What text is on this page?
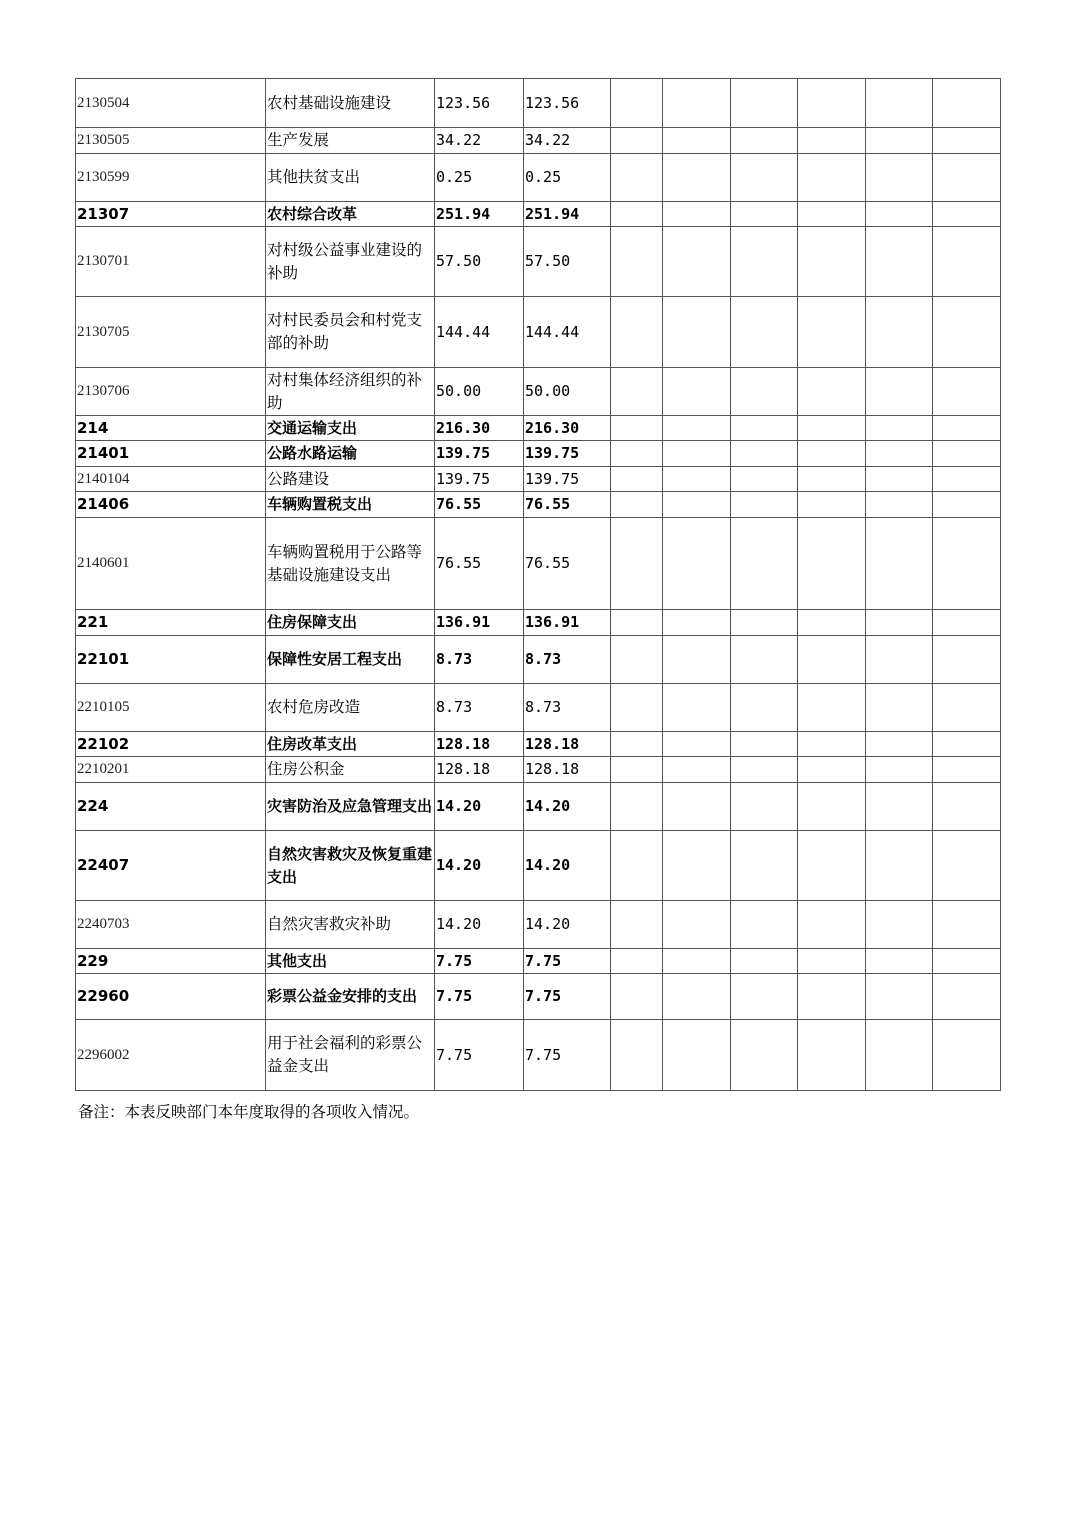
2130504	农村基础设施建设	123.56	123.56						
2130505	生产发展	34.22	34.22						
2130599	其他扶贫支出	0.25	0.25						
21307	农村综合改革	251.94	251.94						
2130701	对村级公益事业建设的补助	57.50	57.50						
2130705	对村民委员会和村党支部的补助	144.44	144.44						
2130706	对村集体经济组织的补助	50.00	50.00						
214	交通运输支出	216.30	216.30						
21401	公路水路运输	139.75	139.75						
2140104	公路建设	139.75	139.75						
21406	车辆购置税支出	76.55	76.55						
2140601	车辆购置税用于公路等基础设施建设支出	76.55	76.55						
221	住房保障支出	136.91	136.91						
22101	保障性安居工程支出	8.73	8.73						
2210105	农村危房改造	8.73	8.73						
22102	住房改革支出	128.18	128.18						
2210201	住房公积金	128.18	128.18						
224	灾害防治及应急管理支出	14.20	14.20						
22407	自然灾害救灾及恢复重建支出	14.20	14.20						
2240703	自然灾害救灾补助	14.20	14.20						
229	其他支出	7.75	7.75						
22960	彩票公益金安排的支出	7.75	7.75						
2296002	用于社会福利的彩票公益金支出	7.75	7.75						
备注：本表反映部门本年度取得的各项收入情况。
